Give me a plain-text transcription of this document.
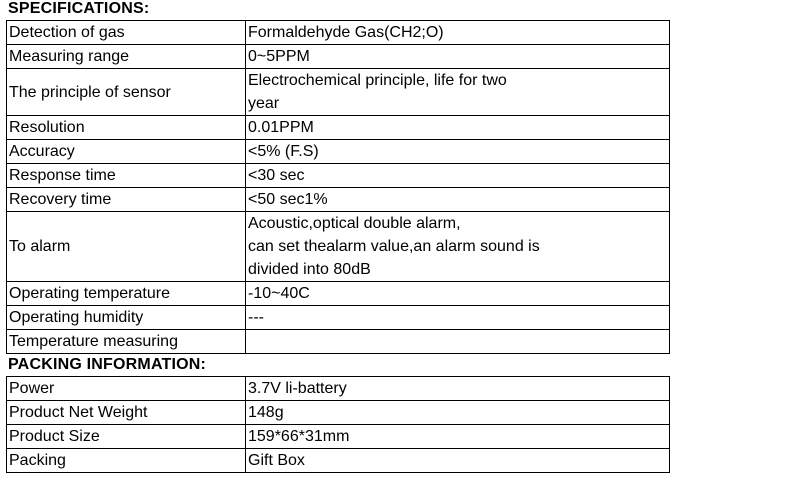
SPECIFICATIONS:
Detection of gas	Formaldehyde Gas(CH2;O)

Measuring range	0~5PPM

The principle of sensor	Electrochemical principle, life for two
year

Resolution	0.01PPM

Accuracy	<5% (F.S)

Response time	<30 sec

Recovery time	<50 sec1%

To alarm	Acoustic,optical double alarm,
can set thealarm value,an alarm sound is
divided into 80dB

Operating temperature	-10~40C

Operating humidity	---

Temperature measuring	
PACKING INFORMATION:
Power	3.7V li-battery

Product Net Weight	148g

Product Size	159*66*31mm

Packing	Gift Box
